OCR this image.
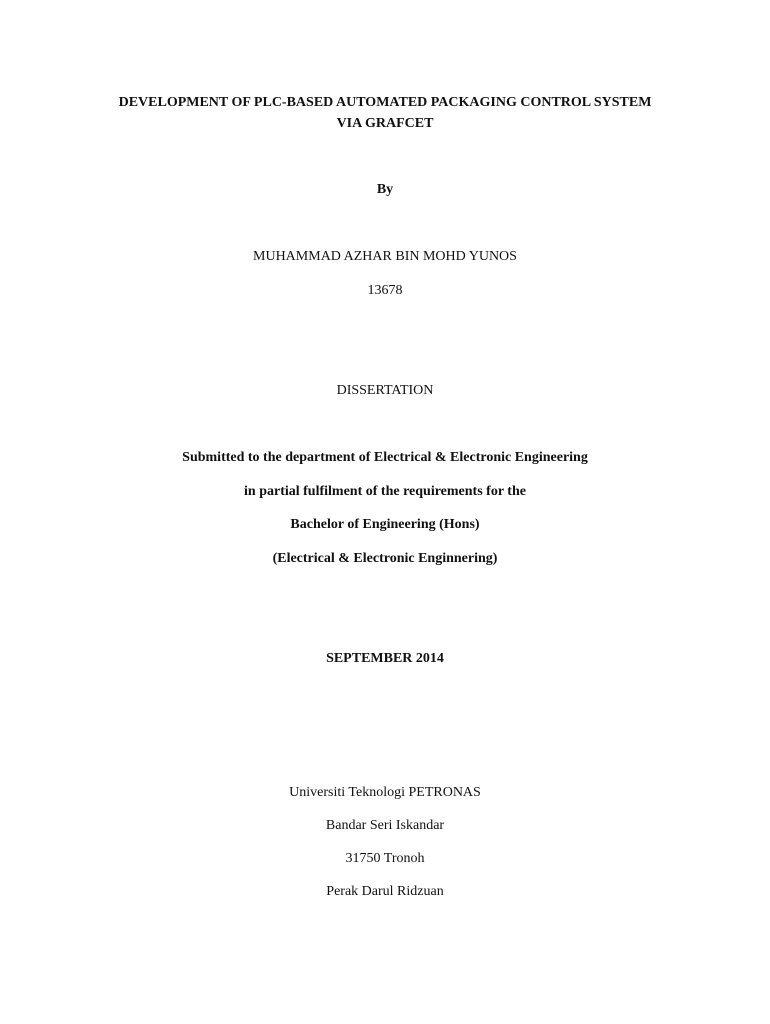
DEVELOPMENT OF PLC-BASED AUTOMATED PACKAGING CONTROL SYSTEM
VIA GRAFCET
By
MUHAMMAD AZHAR BIN MOHD YUNOS
13678
DISSERTATION
Submitted to the department of Electrical & Electronic Engineering
in partial fulfilment of the requirements for the
Bachelor of Engineering (Hons)
(Electrical & Electronic Enginnering)
SEPTEMBER 2014
Universiti Teknologi PETRONAS
Bandar Seri Iskandar
31750 Tronoh
Perak Darul Ridzuan
